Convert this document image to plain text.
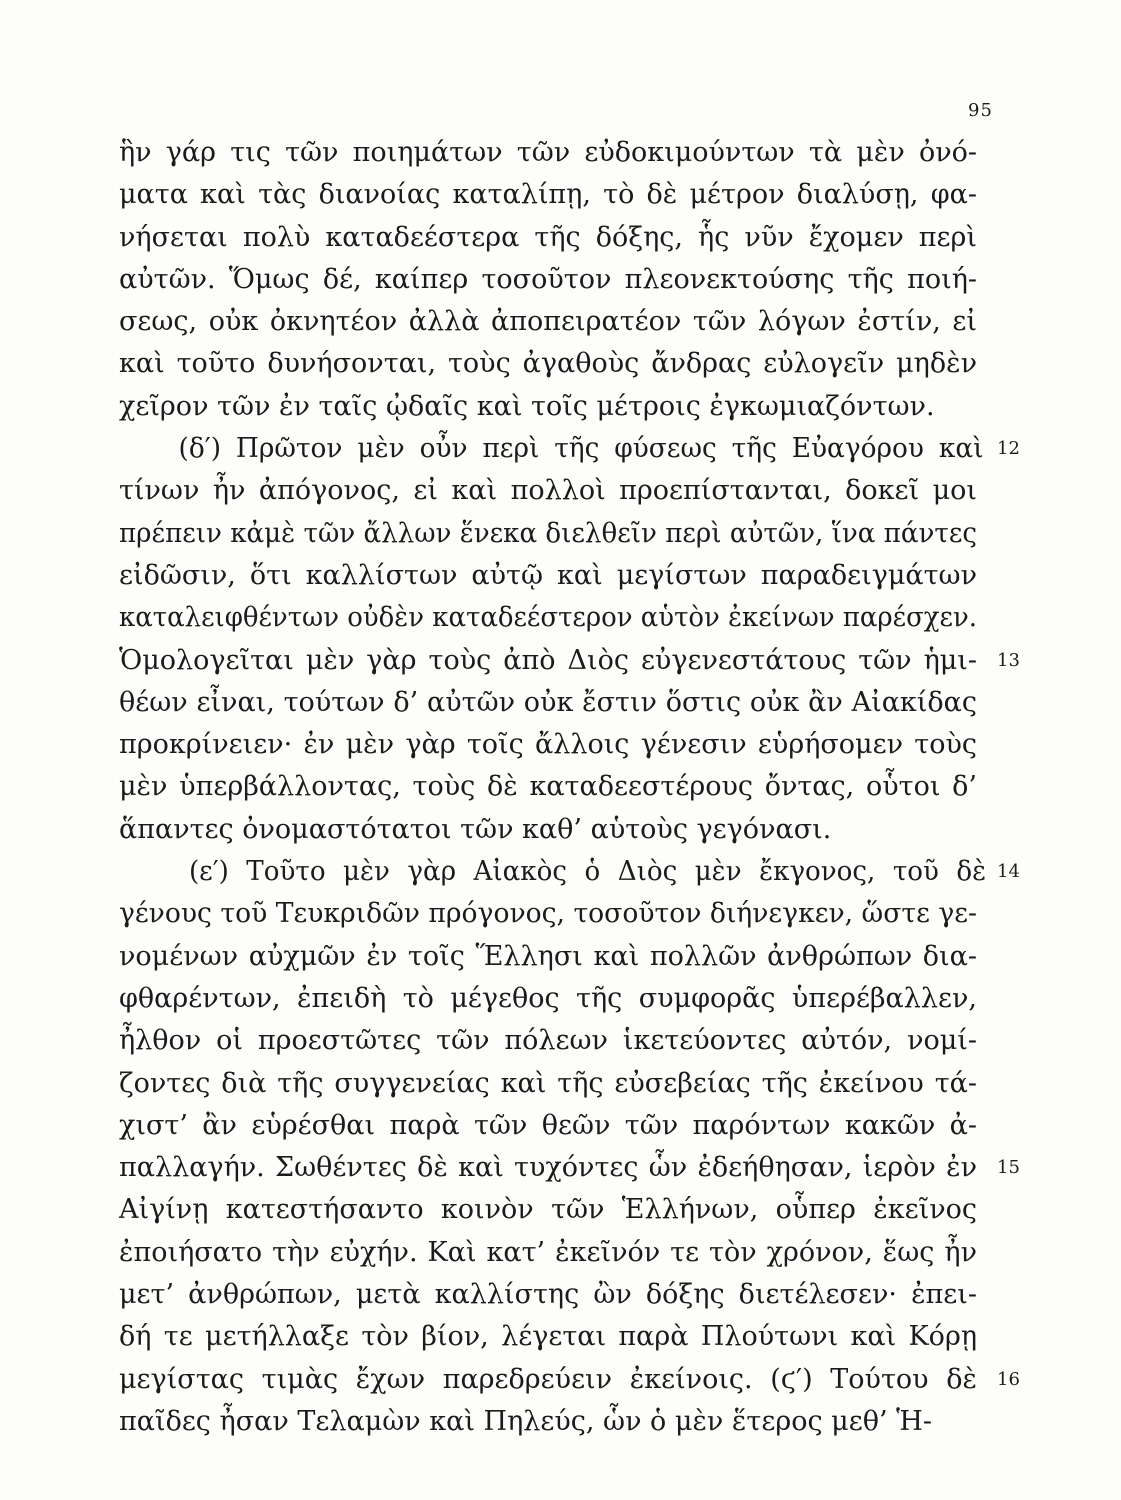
95
ἣν γάρ τις τῶν ποιημάτων τῶν εὐδοκιμούντων τὰ μὲν ὀνό-
ματα καὶ τὰς διανοίας καταλίπῃ, τὸ δὲ μέτρον διαλύσῃ, φα-
νήσεται πολὺ καταδεέστερα τῆς δόξης, ἧς νῦν ἔχομεν περὶ
αὐτῶν. Ὅμως δέ, καίπερ τοσοῦτον πλεονεκτούσης τῆς ποιή-
σεως, οὐκ ὀκνητέον ἀλλὰ ἀποπειρατέον τῶν λόγων ἐστίν, εἰ
καὶ τοῦτο δυνήσονται, τοὺς ἀγαθοὺς ἄνδρας εὐλογεῖν μηδὲν
χεῖρον τῶν ἐν ταῖς ᾠδαῖς καὶ τοῖς μέτροις ἐγκωμιαζόντων.
(δ′) Πρῶτον μὲν οὖν περὶ τῆς φύσεως τῆς Εὐαγόρου καὶ 12
τίνων ἦν ἀπόγονος, εἰ καὶ πολλοὶ προεπίστανται, δοκεῖ μοι
πρέπειν κἀμὲ τῶν ἄλλων ἕνεκα διελθεῖν περὶ αὐτῶν, ἵνα πάντες
εἰδῶσιν, ὅτι καλλίστων αὐτῷ καὶ μεγίστων παραδειγμάτων
καταλειφθέντων οὐδὲν καταδεέστερον αὑτὸν ἐκείνων παρέσχεν.
Ὁμολογεῖται μὲν γὰρ τοὺς ἀπὸ Διὸς εὐγενεστάτους τῶν ἡμι- 13
θέων εἶναι, τούτων δ’ αὐτῶν οὐκ ἔστιν ὅστις οὐκ ἂν Αἰακίδας
προκρίνειεν· ἐν μὲν γὰρ τοῖς ἄλλοις γένεσιν εὑρήσομεν τοὺς
μὲν ὑπερβάλλοντας, τοὺς δὲ καταδεεστέρους ὄντας, οὗτοι δ’
ἅπαντες ὀνομαστότατοι τῶν καθ’ αὑτοὺς γεγόνασι.
(ε′) Τοῦτο μὲν γὰρ Αἰακὸς ὁ Διὸς μὲν ἔκγονος, τοῦ δὲ 14
γένους τοῦ Τευκριδῶν πρόγονος, τοσοῦτον διήνεγκεν, ὥστε γε-
νομένων αὐχμῶν ἐν τοῖς Ἕλλησι καὶ πολλῶν ἀνθρώπων δια-
φθαρέντων, ἐπειδὴ τὸ μέγεθος τῆς συμφορᾶς ὑπερέβαλλεν,
ἦλθον οἱ προεστῶτες τῶν πόλεων ἱκετεύοντες αὐτόν, νομί-
ζοντες διὰ τῆς συγγενείας καὶ τῆς εὐσεβείας τῆς ἐκείνου τά-
χιστ’ ἂν εὑρέσθαι παρὰ τῶν θεῶν τῶν παρόντων κακῶν ἀ-
παλλαγήν. Σωθέντες δὲ καὶ τυχόντες ὧν ἐδεήθησαν, ἱερὸν ἐν 15
Αἰγίνῃ κατεστήσαντο κοινὸν τῶν Ἑλλήνων, οὗπερ ἐκεῖνος
ἐποιήσατο τὴν εὐχήν. Καὶ κατ’ ἐκεῖνόν τε τὸν χρόνον, ἕως ἦν
μετ’ ἀνθρώπων, μετὰ καλλίστης ὢν δόξης διετέλεσεν· ἐπει-
δή τε μετήλλαξε τὸν βίον, λέγεται παρὰ Πλούτωνι καὶ Κόρῃ
μεγίστας τιμὰς ἔχων παρεδρεύειν ἐκείνοις. (ϛ′) Τούτου δὲ 16
παῖδες ἦσαν Τελαμὼν καὶ Πηλεύς, ὧν ὁ μὲν ἕτερος μεθ’ Ἡ-
